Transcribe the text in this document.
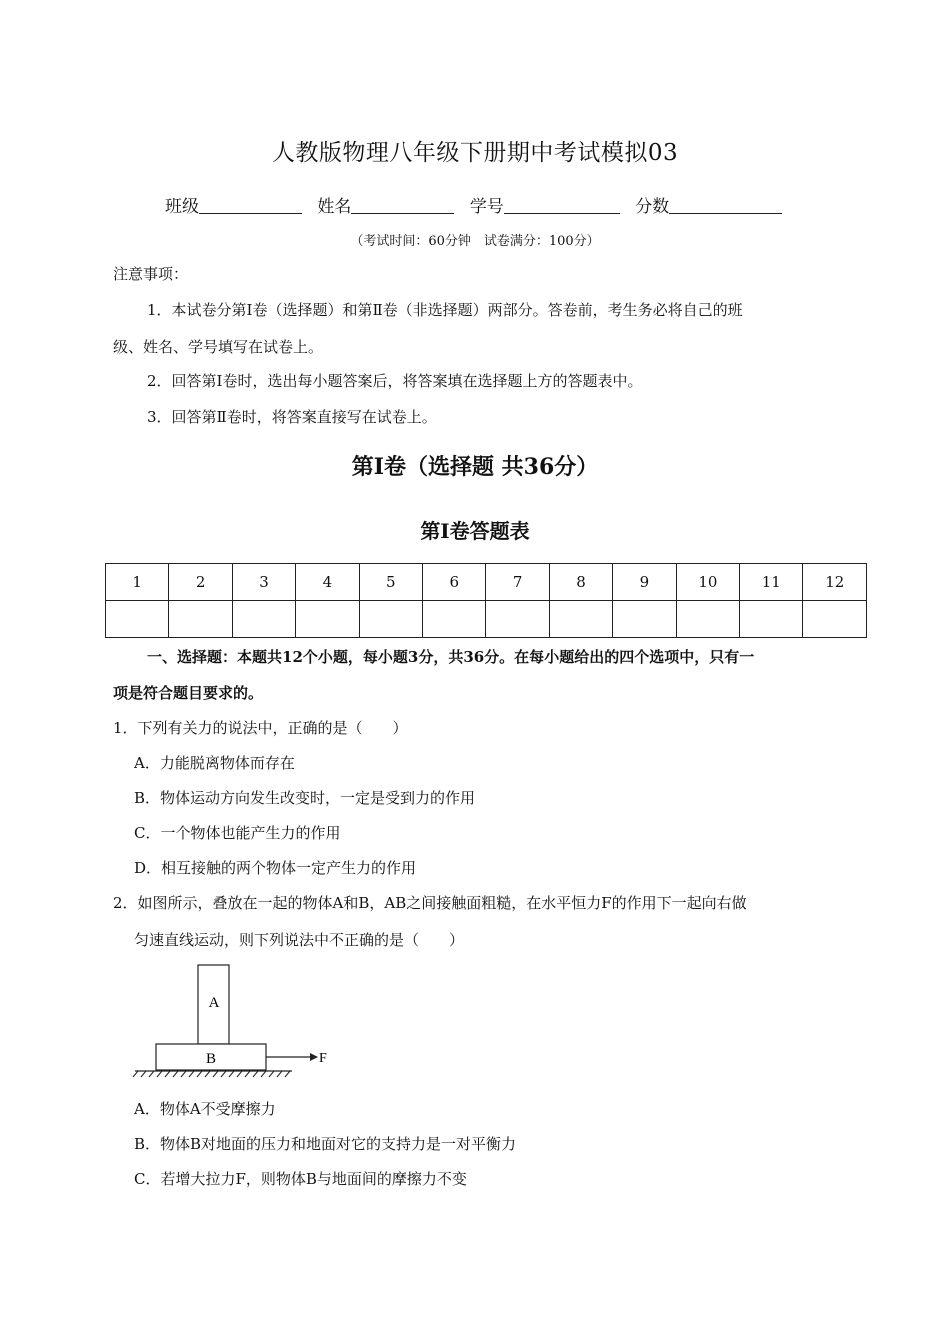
人教版物理八年级下册期中考试模拟03
班级	姓名	学号	分数
（考试时间：60分钟　试卷满分：100分）
注意事项：
1．本试卷分第Ⅰ卷（选择题）和第Ⅱ卷（非选择题）两部分。答卷前，考生务必将自己的班
级、姓名、学号填写在试卷上。
2．回答第Ⅰ卷时，选出每小题答案后，将答案填在选择题上方的答题表中。
3．回答第Ⅱ卷时，将答案直接写在试卷上。
第Ⅰ卷（选择题 共36分）
第Ⅰ卷答题表
1	2	3	4	5	6	7	8	9	10	11	12

一、选择题：本题共12个小题，每小题3分，共36分。在每小题给出的四个选项中，只有一
项是符合题目要求的。
1．下列有关力的说法中，正确的是（　　）
A．力能脱离物体而存在
B．物体运动方向发生改变时，一定是受到力的作用
C．一个物体也能产生力的作用
D．相互接触的两个物体一定产生力的作用
2．如图所示，叠放在一起的物体A和B，AB之间接触面粗糙，在水平恒力F的作用下一起向右做
匀速直线运动，则下列说法中不正确的是（　　）
A
B	F
A．物体A不受摩擦力
B．物体B对地面的压力和地面对它的支持力是一对平衡力
C．若增大拉力F，则物体B与地面间的摩擦力不变
